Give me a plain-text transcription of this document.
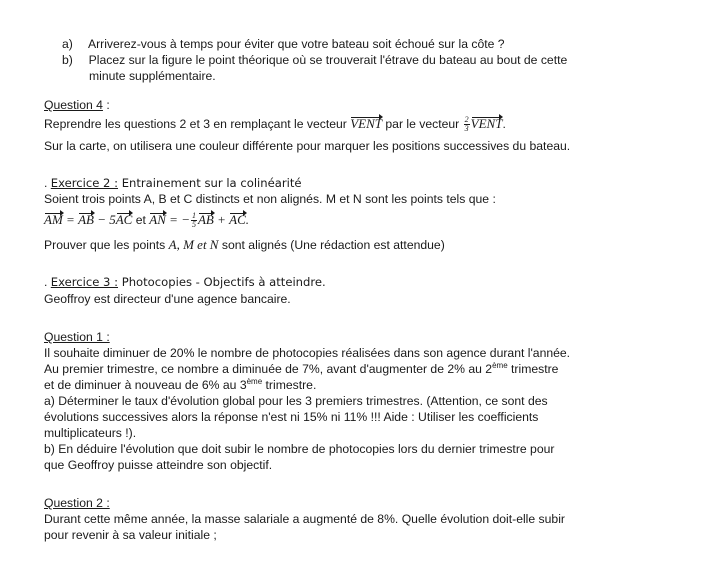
a) Arriverez-vous à temps pour éviter que votre bateau soit échoué sur la côte ?
b) Placez sur la figure le point théorique où se trouverait l'étrave du bateau au bout de cette
minute supplémentaire.
Question 4 :
Reprendre les questions 2 et 3 en remplaçant le vecteur VENT par le vecteur $\frac{2}{3}$ VENT.
Sur la carte, on utilisera une couleur différente pour marquer les positions successives du bateau.
. Exercice 2 : Entrainement sur la colinéarité
Soient trois points A, B et C distincts et non alignés. M et N sont les points tels que :
AM = AB − 5AC et AN = − $\frac{1}{5}$ AB + AC.
Prouver que les points A, M et N sont alignés (Une rédaction est attendue)
. Exercice 3 : Photocopies - Objectifs à atteindre.
Geoffroy est directeur d'une agence bancaire.
Question 1 :
Il souhaite diminuer de 20% le nombre de photocopies réalisées dans son agence durant l'année.
Au premier trimestre, ce nombre a diminuée de 7%, avant d'augmenter de 2% au 2ème trimestre
et de diminuer à nouveau de 6% au 3ème trimestre.
a) Déterminer le taux d'évolution global pour les 3 premiers trimestres. (Attention, ce sont des
évolutions successives alors la réponse n'est ni 15% ni 11% !!! Aide : Utiliser les coefficients
multiplicateurs !).
b) En déduire l'évolution que doit subir le nombre de photocopies lors du dernier trimestre pour
que Geoffroy puisse atteindre son objectif.
Question 2 :
Durant cette même année, la masse salariale a augmenté de 8%. Quelle évolution doit-elle subir
pour revenir à sa valeur initiale ;
